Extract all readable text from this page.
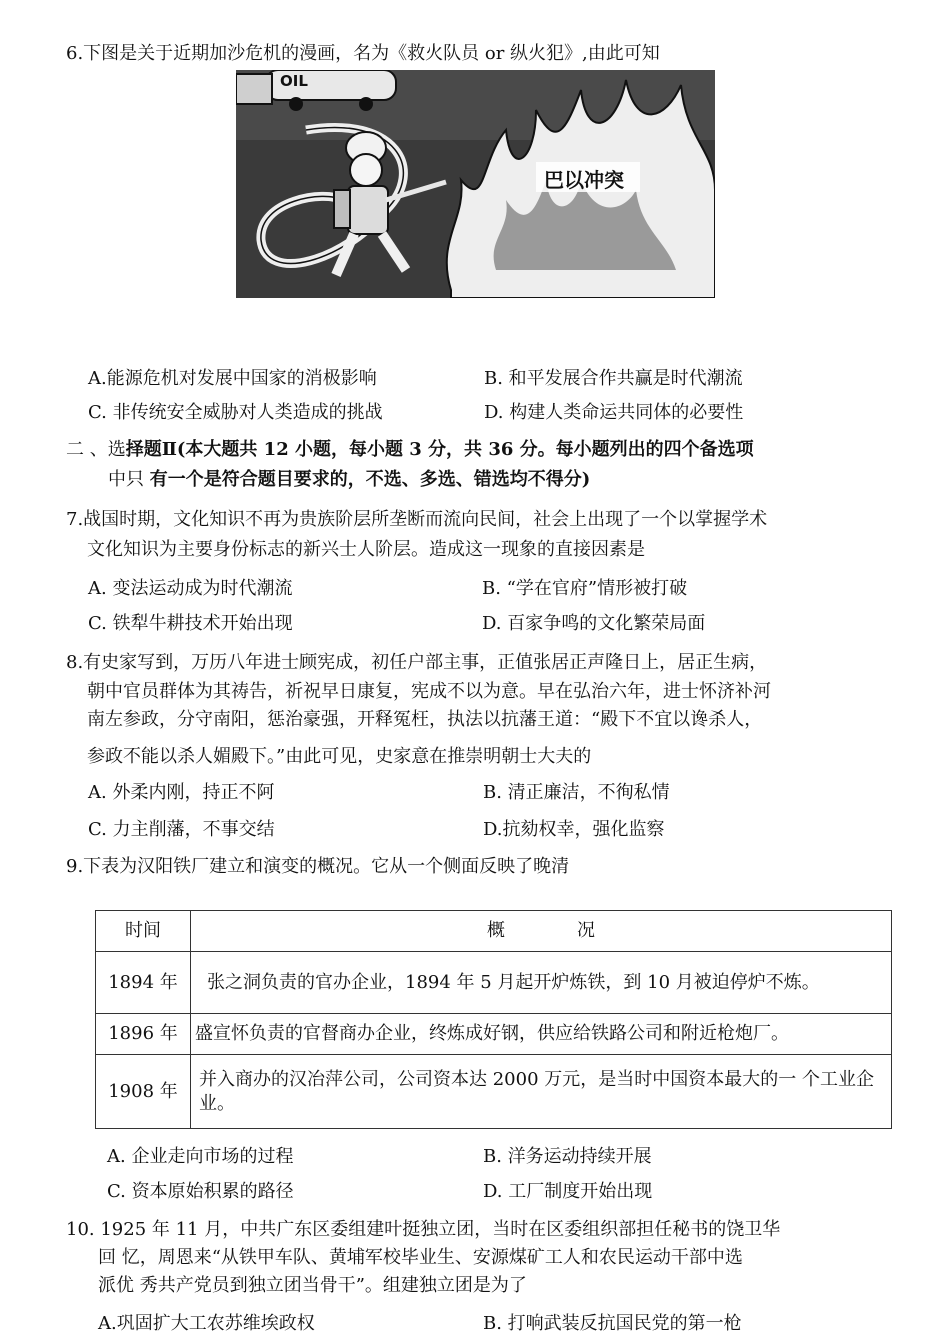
6.下图是关于近期加沙危机的漫画，名为《救火队员 or 纵火犯》,由此可知
OIL
巴以冲突
A.能源危机对发展中国家的消极影响	B. 和平发展合作共赢是时代潮流
C. 非传统安全威胁对人类造成的挑战	D. 构建人类命运共同体的必要性
二 、选择题Ⅱ(本大题共 12 小题，每小题 3 分，共 36 分。每小题列出的四个备选项
中只 有一个是符合题目要求的，不选、多选、错选均不得分)
7.战国时期，文化知识不再为贵族阶层所垄断而流向民间，社会上出现了一个以掌握学术
文化知识为主要身份标志的新兴士人阶层。造成这一现象的直接因素是
A. 变法运动成为时代潮流	B. “学在官府”情形被打破
C. 铁犁牛耕技术开始出现	D. 百家争鸣的文化繁荣局面
8.有史家写到，万历八年进士顾宪成，初任户部主事，正值张居正声隆日上，居正生病，
朝中官员群体为其祷告，祈祝早日康复，宪成不以为意。早在弘治六年，进士怀济补河
南左参政，分守南阳，惩治豪强，开释冤枉，执法以抗藩王道：“殿下不宜以谗杀人，
参政不能以杀人媚殿下。”由此可见，史家意在推崇明朝士大夫的
A. 外柔内刚，持正不阿	B. 清正廉洁，不徇私情
C. 力主削藩，不事交结	D.抗劾权幸，强化监察
9.下表为汉阳铁厂建立和演变的概况。它从一个侧面反映了晚清
时间	概　　　　况
1894 年	张之洞负责的官办企业，1894 年 5 月起开炉炼铁，到 10 月被迫停炉不炼。
1896 年	盛宣怀负责的官督商办企业，终炼成好钢，供应给铁路公司和附近枪炮厂。
1908 年	并入商办的汉冶萍公司，公司资本达 2000 万元，是当时中国资本最大的一 个工业企业。
A. 企业走向市场的过程	B. 洋务运动持续开展
C. 资本原始积累的路径	D. 工厂制度开始出现
10. 1925 年 11 月，中共广东区委组建叶挺独立团，当时在区委组织部担任秘书的饶卫华
回 忆，周恩来“从铁甲车队、黄埔军校毕业生、安源煤矿工人和农民运动干部中选
派优 秀共产党员到独立团当骨干”。组建独立团是为了
A.巩固扩大工农苏维埃政权	B. 打响武装反抗国民党的第一枪
